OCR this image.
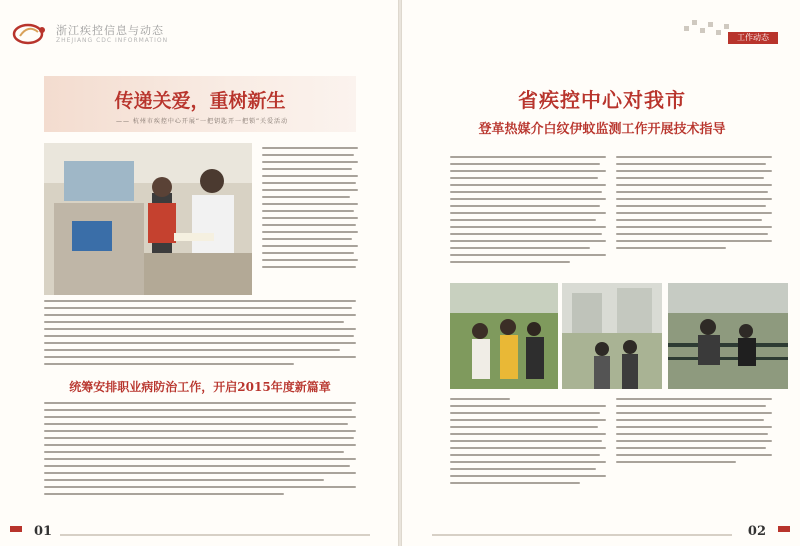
浙江疾控信息与动态
ZHEJIANG CDC INFORMATION
传递关爱，重树新生
—— 杭州市疾控中心开展“一把钥匙开一把锁”关爱活动
统筹安排职业病防治工作，开启2015年度新篇章
01
工作动态
省疾控中心对我市
登革热媒介白纹伊蚊监测工作开展技术指导
02
